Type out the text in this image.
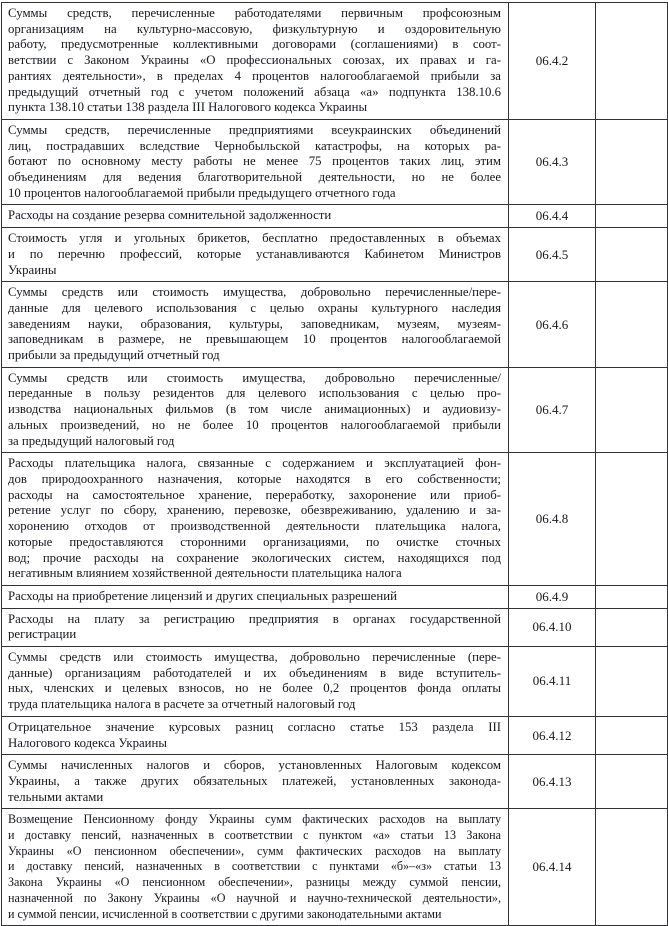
Суммы средств, перечисленные работодателями первичным профсоюзным
организациям на культурно-массовую, физкультурную и оздоровительную
работу, предусмотренные коллективными договорами (соглашениями) в соот-
ветствии с Законом Украины «О профессиональных союзах, их правах и га-
рантиях деятельности», в пределах 4 процентов налогооблагаемой прибыли за
предыдущий отчетный год с учетом положений абзаца «а» подпункта 138.10.6
пункта 138.10 статьи 138 раздела III Налогового кодекса Украины
	06.4.2	

Суммы средств, перечисленные предприятиями всеукраинских объединений
лиц, пострадавших вследствие Чернобыльской катастрофы, на которых ра-
ботают по основному месту работы не менее 75 процентов таких лиц, этим
объединениям для ведения благотворительной деятельности, но не более
10 процентов налогооблагаемой прибыли предыдущего отчетного года	06.4.3	

Расходы на создание резерва сомнительной задолженности	06.4.4	

Стоимость угля и угольных брикетов, бесплатно предоставленных в объемах
и по перечню профессий, которые устанавливаются Кабинетом Министров
Украины	06.4.5	

Суммы средств или стоимость имущества, добровольно перечисленные/пере-
данные для целевого использования с целью охраны культурного наследия
заведениям науки, образования, культуры, заповедникам, музеям, музеям-
заповедникам в размере, не превышающем 10 процентов налогооблагаемой
прибыли за предыдущий отчетный год	06.4.6	

Суммы средств или стоимость имущества, добровольно перечисленные/
переданные в пользу резидентов для целевого использования с целью про-
изводства национальных фильмов (в том числе анимационных) и аудиовизу-
альных произведений, но не более 10 процентов налогооблагаемой прибыли
за предыдущий налоговый год	06.4.7	

Расходы плательщика налога, связанные с содержанием и эксплуатацией фон-
дов природоохранного назначения, которые находятся в его собственности;
расходы на самостоятельное хранение, переработку, захоронение или приоб-
ретение услуг по сбору, хранению, перевозке, обезвреживанию, удалению и за-
хоронению отходов от производственной деятельности плательщика налога,
которые предоставляются сторонними организациями, по очистке сточных
вод; прочие расходы на сохранение экологических систем, находящихся под
негативным влиянием хозяйственной деятельности плательщика налога
	06.4.8	

Расходы на приобретение лицензий и других специальных разрешений	06.4.9	

Расходы на плату за регистрацию предприятия в органах государственной
регистрации	06.4.10	

Суммы средств или стоимость имущества, добровольно перечисленные (пере-
данные) организациям работодателей и их объединениям в виде вступитель-
ных, членских и целевых взносов, но не более 0,2 процентов фонда оплаты
труда плательщика налога в расчете за отчетный налоговый год	06.4.11	

Отрицательное значение курсовых разниц согласно статье 153 раздела III
Налогового кодекса Украины	06.4.12	

Суммы начисленных налогов и сборов, установленных Налоговым кодексом
Украины, а также других обязательных платежей, установленных законода-
тельными актами	06.4.13	

Возмещение Пенсионному фонду Украины сумм фактических расходов на выплату
и доставку пенсий, назначенных в соответствии с пунктом «а» статьи 13 Закона
Украины «О пенсионном обеспечении», сумм фактических расходов на выплату
и доставку пенсий, назначенных в соответствии с пунктами «б»–«з» статьи 13
Закона Украины «О пенсионном обеспечении», разницы между суммой пенсии,
назначенной по Закону Украины «О научной и научно-технической деятельности»,
и суммой пенсии, исчисленной в соответствии с другими законодательными актами
	06.4.14	
